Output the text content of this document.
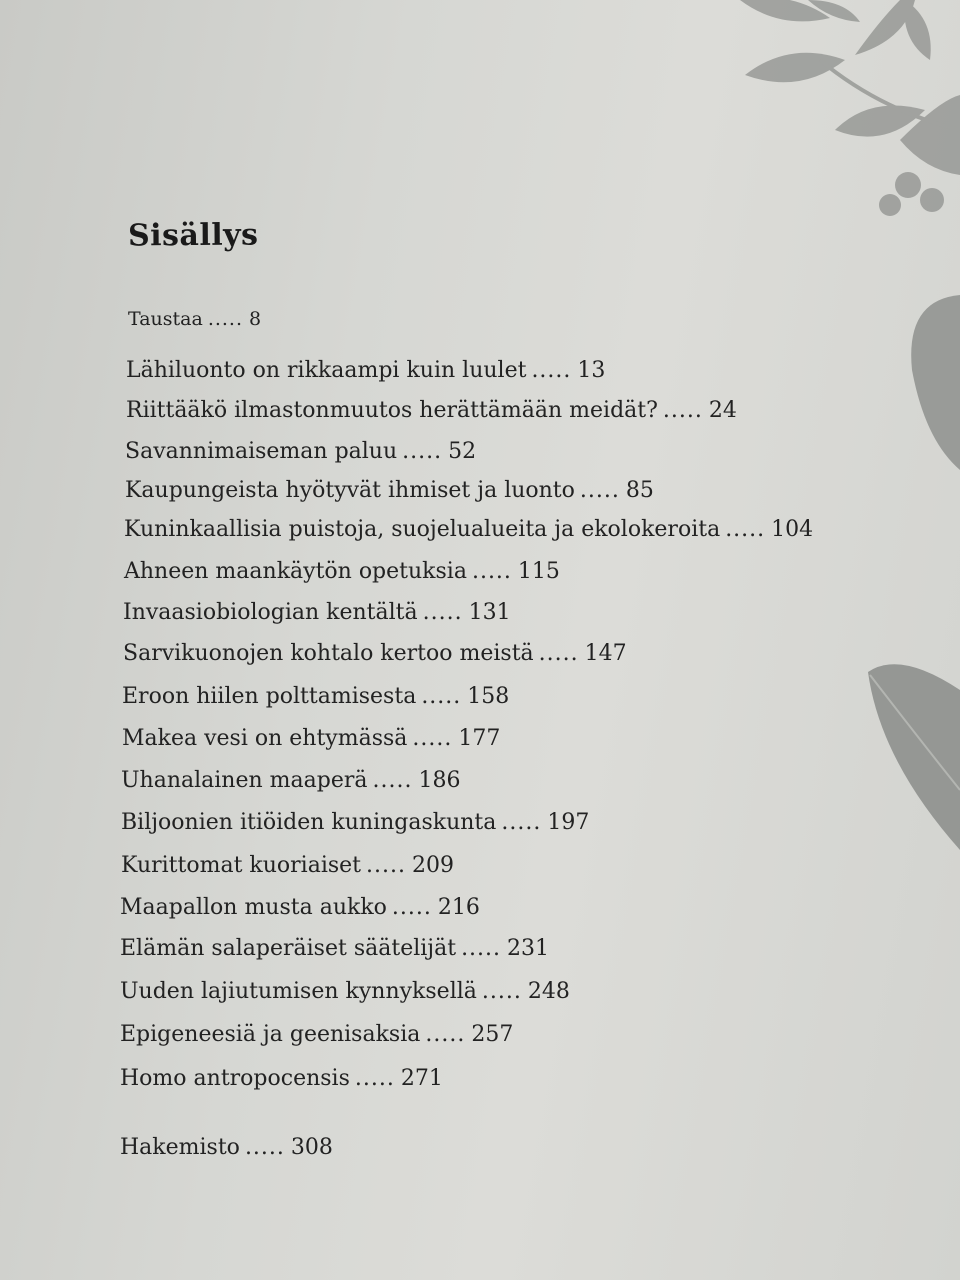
Sisällys
Taustaa ..... 8
Lähiluonto on rikkaampi kuin luulet ..... 13
Riittääkö ilmastonmuutos herättämään meidät? ..... 24
Savannimaiseman paluu ..... 52
Kaupungeista hyötyvät ihmiset ja luonto ..... 85
Kuninkaallisia puistoja, suojelualueita ja ekolokeroita ..... 104
Ahneen maankäytön opetuksia ..... 115
Invaasiobiologian kentältä ..... 131
Sarvikuonojen kohtalo kertoo meistä ..... 147
Eroon hiilen polttamisesta ..... 158
Makea vesi on ehtymässä ..... 177
Uhanalainen maaperä ..... 186
Biljoonien itiöiden kuningaskunta ..... 197
Kurittomat kuoriaiset ..... 209
Maapallon musta aukko ..... 216
Elämän salaperäiset säätelijät ..... 231
Uuden lajiutumisen kynnyksellä ..... 248
Epigeneesiä ja geenisaksia ..... 257
Homo antropocensis ..... 271
Hakemisto ..... 308
